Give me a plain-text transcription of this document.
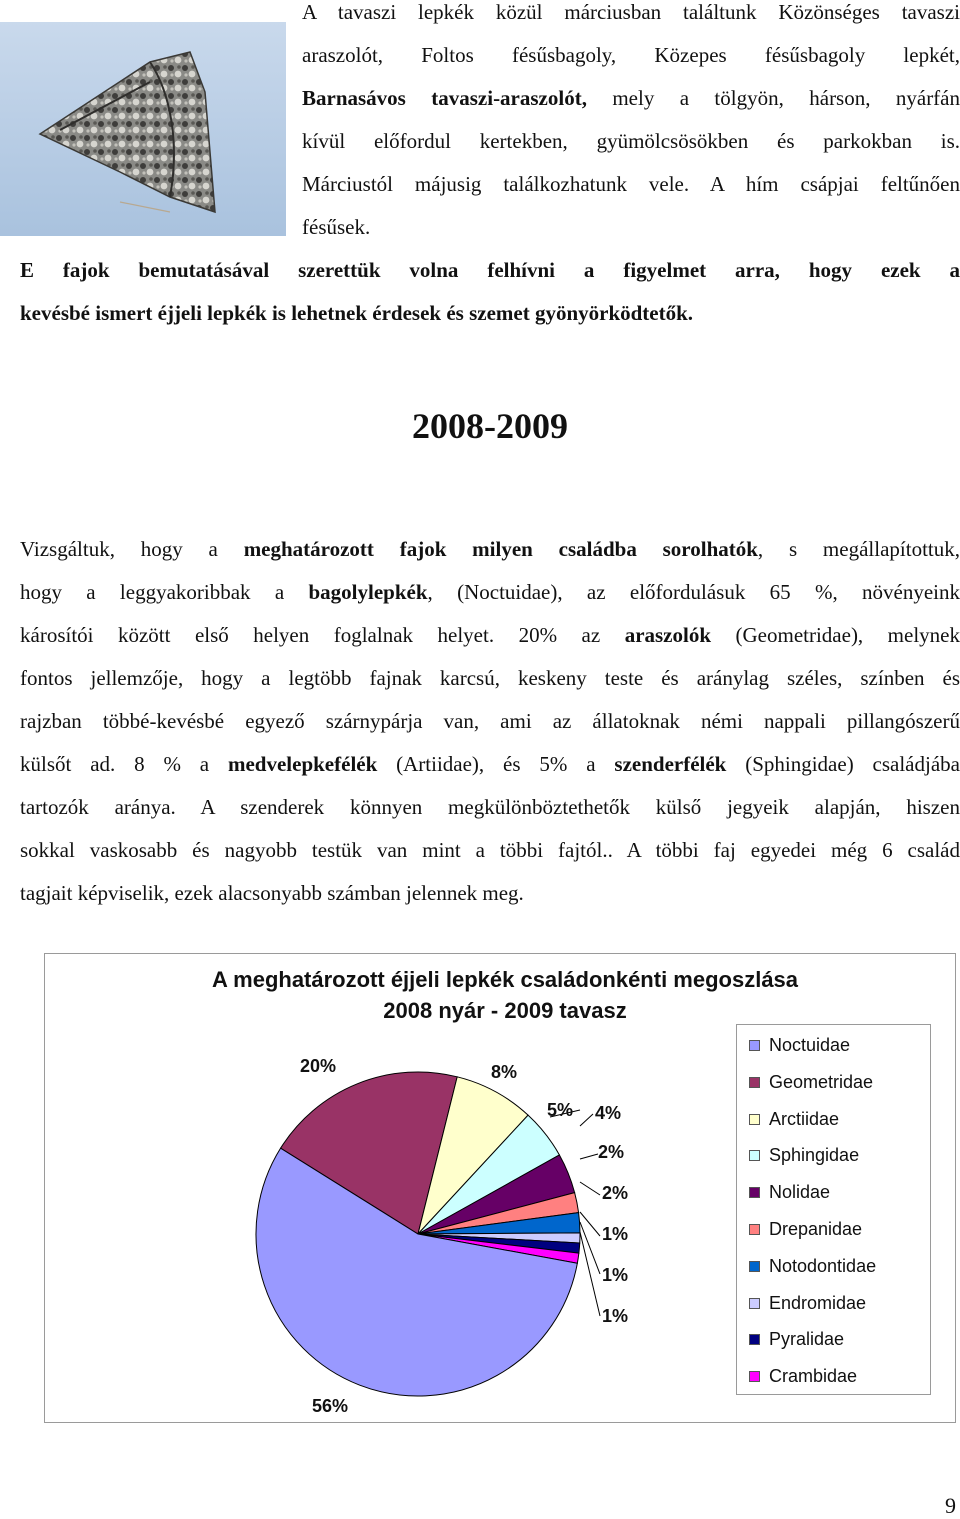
A tavaszi lepkék közül márciusban találtunk Közönséges tavaszi
araszolót, Foltos fésűsbagoly, Közepes fésűsbagoly lepkét,
Barnasávos tavaszi-araszolót, mely a tölgyön, hárson, nyárfán
kívül előfordul kertekben, gyümölcsösökben és parkokban is.
Márciustól májusig találkozhatunk vele. A hím csápjai feltűnően
fésűsek.
E fajok bemutatásával szerettük volna felhívni a figyelmet arra, hogy ezek a
kevésbé ismert éjjeli lepkék is lehetnek érdesek és szemet gyönyörködtetők.
2008-2009
Vizsgáltuk, hogy a meghatározott fajok milyen családba sorolhatók, s megállapítottuk,
hogy a leggyakoribbak a bagolylepkék, (Noctuidae), az előfordulásuk 65 %, növényeink
károsítói között első helyen foglalnak helyet. 20% az araszolók (Geometridae), melynek
fontos jellemzője, hogy a legtöbb fajnak karcsú, keskeny teste és aránylag széles, színben és
rajzban többé-kevésbé egyező szárnypárja van, ami az állatoknak némi nappali pillangószerű
külsőt ad. 8 % a medvelepkefélék (Artiidae), és 5% a szenderfélék (Sphingidae) családjába
tartozók aránya. A szenderek könnyen megkülönböztethetők külső jegyeik alapján, hiszen
sokkal vaskosabb és nagyobb testük van mint a többi fajtól.. A többi faj egyedei még 6 család
tagjait képviselik, ezek alacsonyabb számban jelennek meg.
A meghatározott éjjeli lepkék családonkénti megoszlása
2008 nyár - 2009 tavasz
56%
20%	8%
5% 4%
2%
2%
1%
1%
1%
Noctuidae
Geometridae
Arctiidae
Sphingidae
Nolidae
Drepanidae
Notodontidae
Endromidae
Pyralidae
Crambidae
9
